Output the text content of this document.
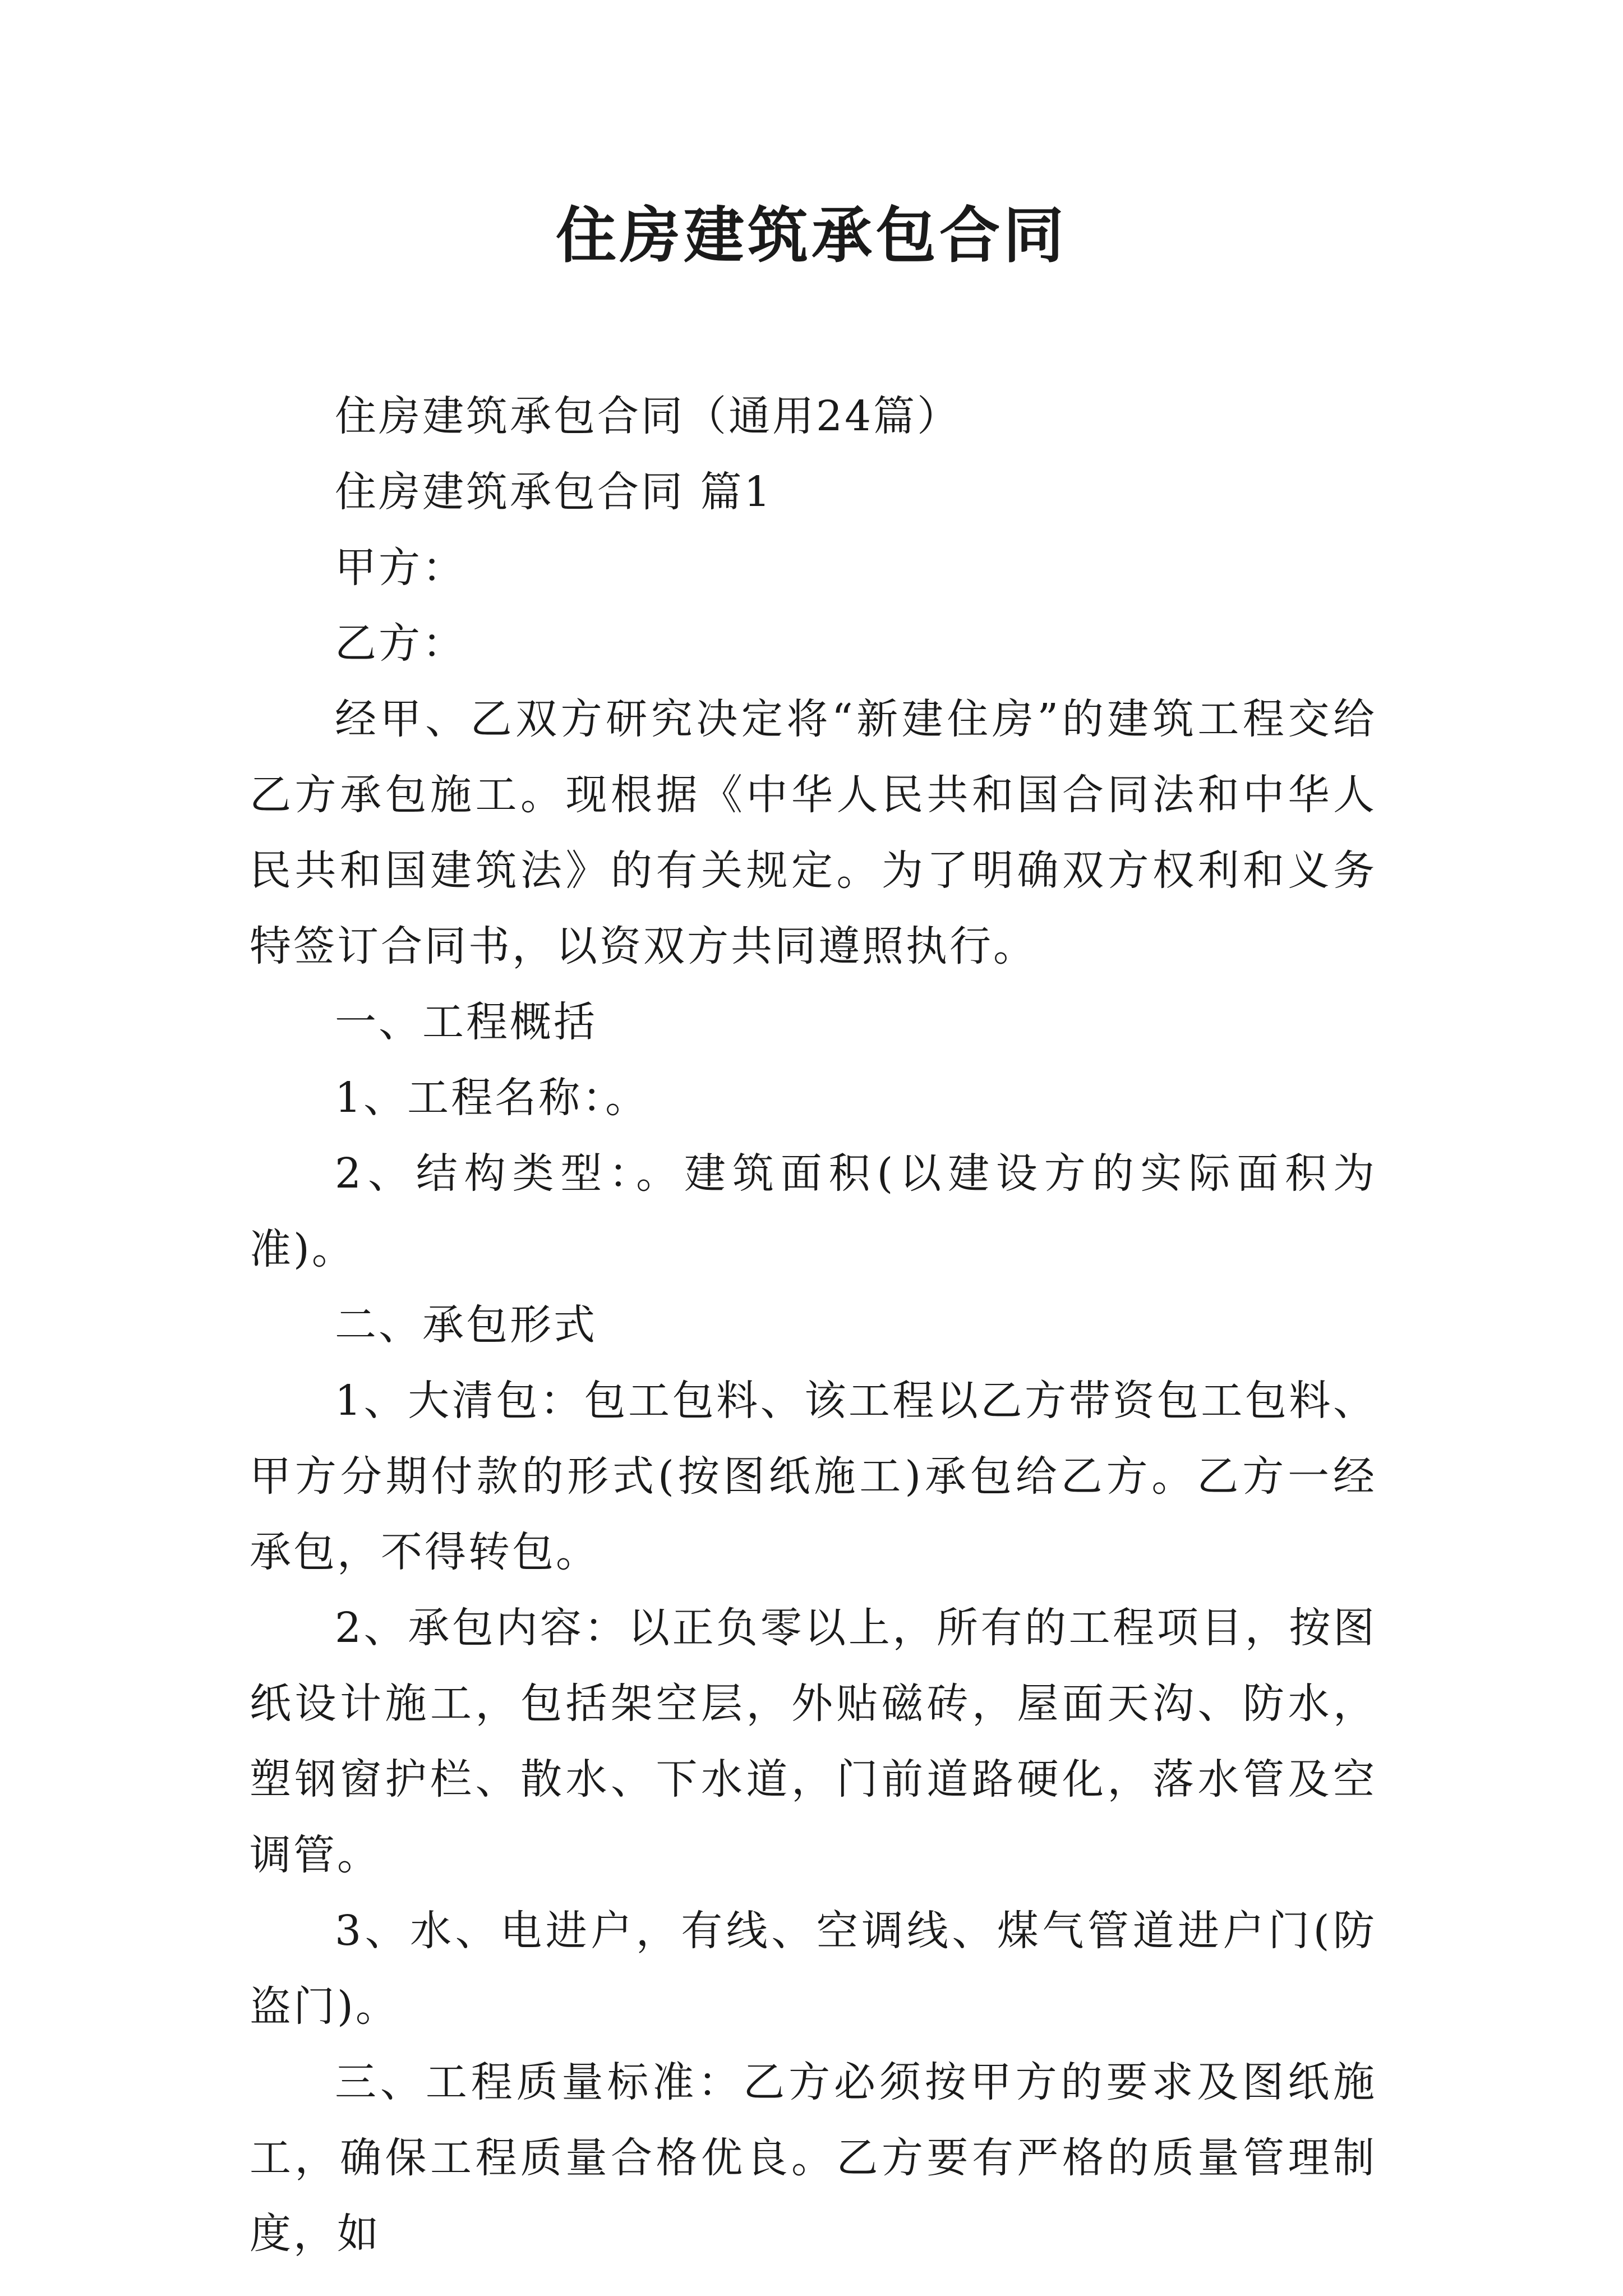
住房建筑承包合同

住房建筑承包合同（通用24篇）

住房建筑承包合同 篇1

甲方：

乙方：

经甲、乙双方研究决定将“新建住房”的建筑工程交给乙方承包施工。现根据《中华人民共和国合同法和中华人民共和国建筑法》的有关规定。为了明确双方权利和义务特签订合同书，以资双方共同遵照执行。

一、工程概括

1、工程名称：。

2、结构类型：。建筑面积(以建设方的实际面积为准)。

二、承包形式

1、大清包：包工包料、该工程以乙方带资包工包料、甲方分期付款的形式(按图纸施工)承包给乙方。乙方一经承包，不得转包。

2、承包内容：以正负零以上，所有的工程项目，按图纸设计施工，包括架空层，外贴磁砖，屋面天沟、防水，塑钢窗护栏、散水、下水道，门前道路硬化，落水管及空调管。

3、水、电进户，有线、空调线、煤气管道进户门(防盗门)。

三、工程质量标准：乙方必须按甲方的要求及图纸施工，确保工程质量合格优良。乙方要有严格的质量管理制度，如
